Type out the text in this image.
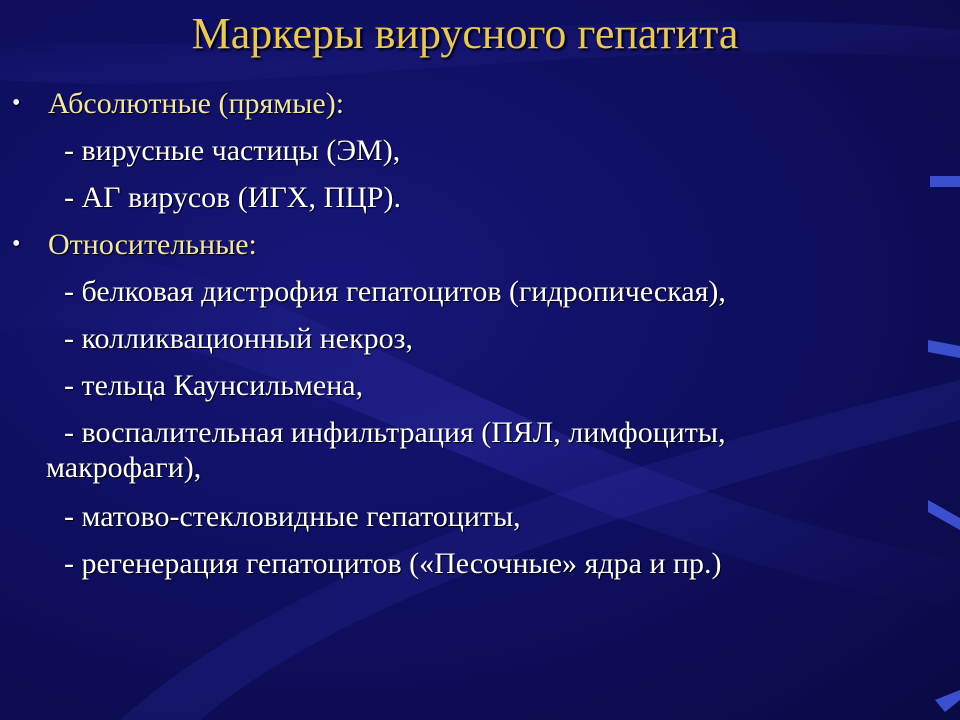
Маркеры вирусного гепатита
• Абсолютные (прямые):
- вирусные частицы (ЭМ),
- АГ вирусов (ИГХ, ПЦР).
• Относительные:
- белковая дистрофия гепатоцитов (гидропическая),
- колликвационный некроз,
- тельца Каунсильмена,
- воспалительная инфильтрация (ПЯЛ, лимфоциты,
макрофаги),
- матово-стекловидные гепатоциты,
- регенерация гепатоцитов («Песочные» ядра и пр.)
